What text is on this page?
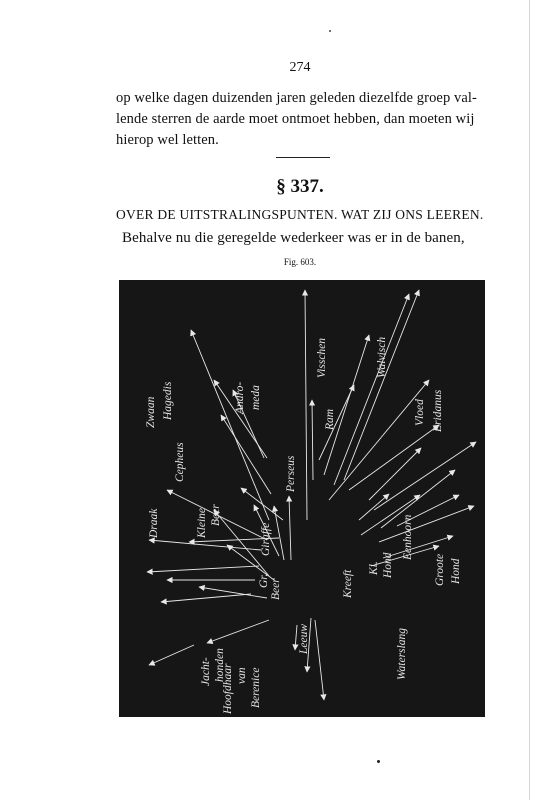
274
op welke dagen duizenden jaren geleden diezelfde groep val-
lende sterren de aarde moet ontmoet hebben, dan moeten wij
hierop wel letten.
§ 337.
OVER DE UITSTRALINGSPUNTEN. WAT ZIJ ONS LEEREN.
Behalve nu die geregelde wederkeer was er in de banen,
Fig. 603.
Zwaan Hagedis
Cepheus
Andro- meda
Visschen	Walvisch
Perseus
Ram	Vloed Eridanus
Draak	Kleine Beer
Giraffe
Gr. Beer
Kl. Hond
Eenhoorn
Kreeft	Groote Hond
Waterslang
Leeuw
Jacht- honden
Hoofdhaar van Berenice
